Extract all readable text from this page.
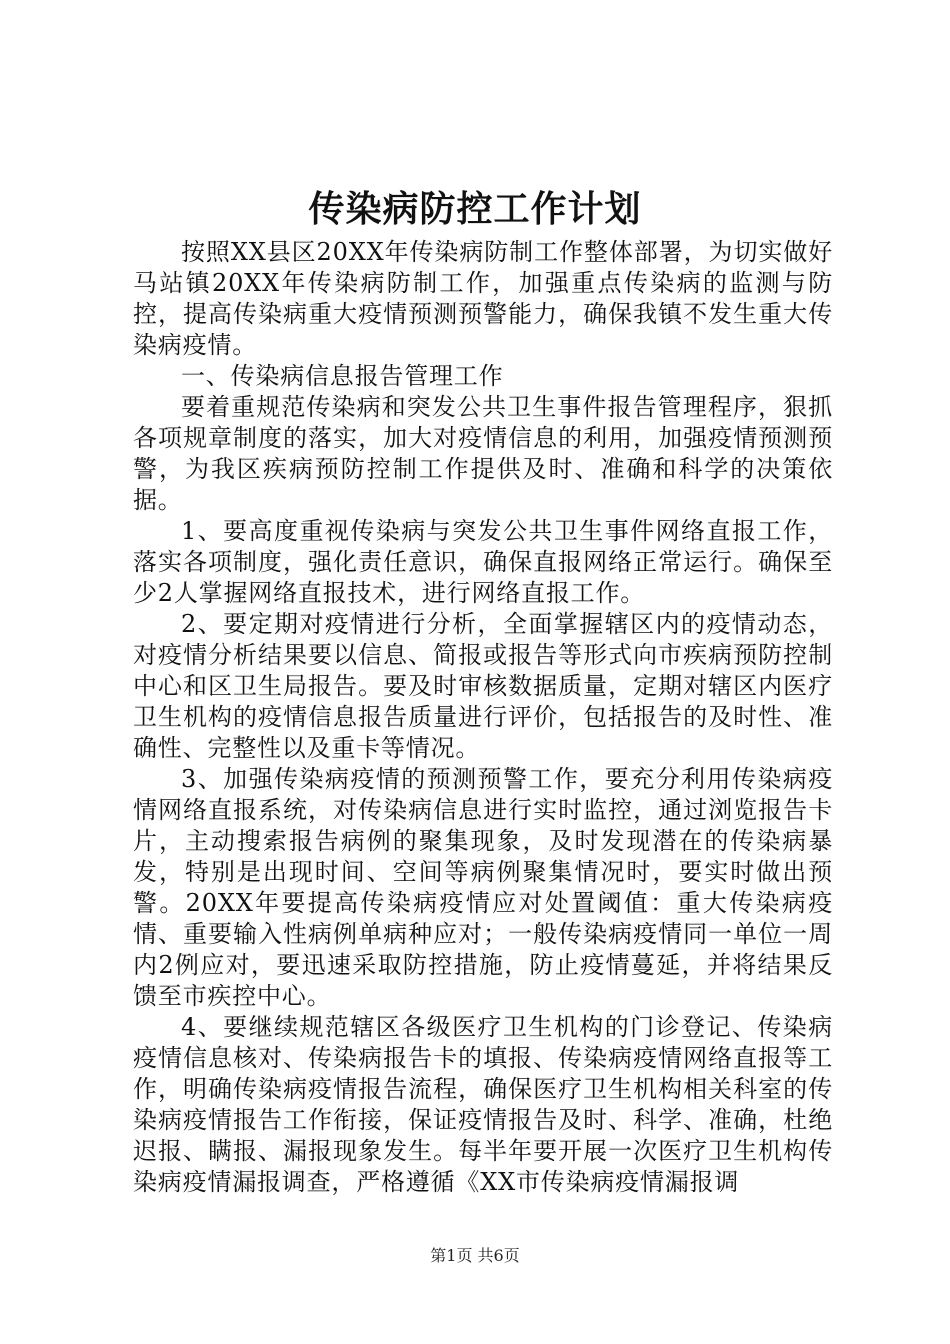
传染病防控工作计划

按照XX县区20XX年传染病防制工作整体部署，为切实做好马站镇20XX年传染病防制工作，加强重点传染病的监测与防控，提高传染病重大疫情预测预警能力，确保我镇不发生重大传染病疫情。

一、传染病信息报告管理工作

要着重规范传染病和突发公共卫生事件报告管理程序，狠抓各项规章制度的落实，加大对疫情信息的利用，加强疫情预测预警，为我区疾病预防控制工作提供及时、准确和科学的决策依据。

1、要高度重视传染病与突发公共卫生事件网络直报工作，落实各项制度，强化责任意识，确保直报网络正常运行。确保至少2人掌握网络直报技术，进行网络直报工作。

2、要定期对疫情进行分析，全面掌握辖区内的疫情动态，对疫情分析结果要以信息、简报或报告等形式向市疾病预防控制中心和区卫生局报告。要及时审核数据质量，定期对辖区内医疗卫生机构的疫情信息报告质量进行评价，包括报告的及时性、准确性、完整性以及重卡等情况。

3、加强传染病疫情的预测预警工作，要充分利用传染病疫情网络直报系统，对传染病信息进行实时监控，通过浏览报告卡片，主动搜索报告病例的聚集现象，及时发现潜在的传染病暴发，特别是出现时间、空间等病例聚集情况时，要实时做出预警。20XX年要提高传染病疫情应对处置阈值：重大传染病疫情、重要输入性病例单病种应对；一般传染病疫情同一单位一周内2例应对，要迅速采取防控措施，防止疫情蔓延，并将结果反馈至市疾控中心。

4、要继续规范辖区各级医疗卫生机构的门诊登记、传染病疫情信息核对、传染病报告卡的填报、传染病疫情网络直报等工作，明确传染病疫情报告流程，确保医疗卫生机构相关科室的传染病疫情报告工作衔接，保证疫情报告及时、科学、准确，杜绝迟报、瞒报、漏报现象发生。每半年要开展一次医疗卫生机构传染病疫情漏报调查，严格遵循《XX市传染病疫情漏报调

第1页 共6页
